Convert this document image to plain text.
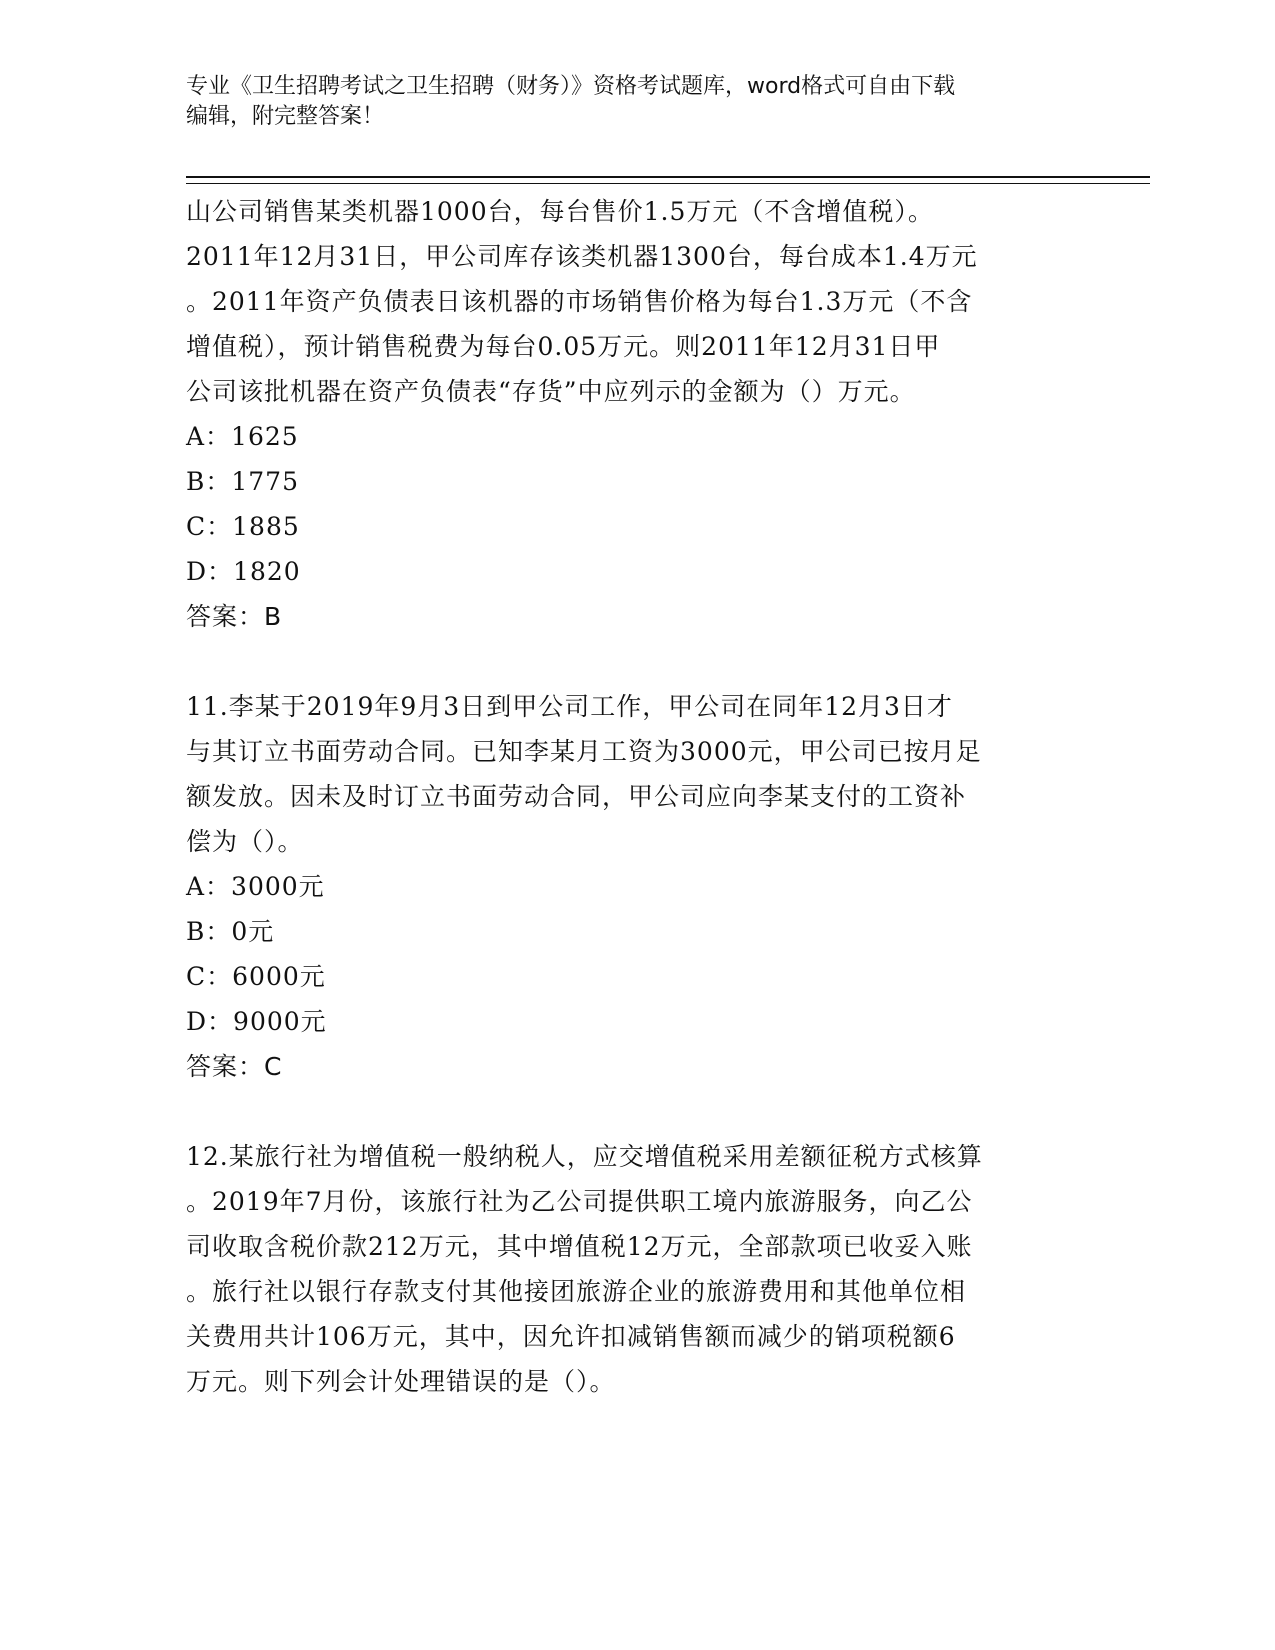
专业《卫生招聘考试之卫生招聘（财务）》资格考试题库，word格式可自由下载
编辑，附完整答案！

山公司销售某类机器1000台，每台售价1.5万元（不含增值税）。

2011年12月31日，甲公司库存该类机器1300台，每台成本1.4万元

。2011年资产负债表日该机器的市场销售价格为每台1.3万元（不含

增值税），预计销售税费为每台0.05万元。则2011年12月31日甲

公司该批机器在资产负债表“存货”中应列示的金额为（）万元。

A：1625

B：1775

C：1885

D：1820

答案：B

11.李某于2019年9月3日到甲公司工作，甲公司在同年12月3日才

与其订立书面劳动合同。已知李某月工资为3000元，甲公司已按月足

额发放。因未及时订立书面劳动合同，甲公司应向李某支付的工资补

偿为（）。

A：3000元

B：0元

C：6000元

D：9000元

答案：C

12.某旅行社为增值税一般纳税人，应交增值税采用差额征税方式核算

。2019年7月份，该旅行社为乙公司提供职工境内旅游服务，向乙公

司收取含税价款212万元，其中增值税12万元，全部款项已收妥入账

。旅行社以银行存款支付其他接团旅游企业的旅游费用和其他单位相

关费用共计106万元，其中，因允许扣减销售额而减少的销项税额6

万元。则下列会计处理错误的是（）。
